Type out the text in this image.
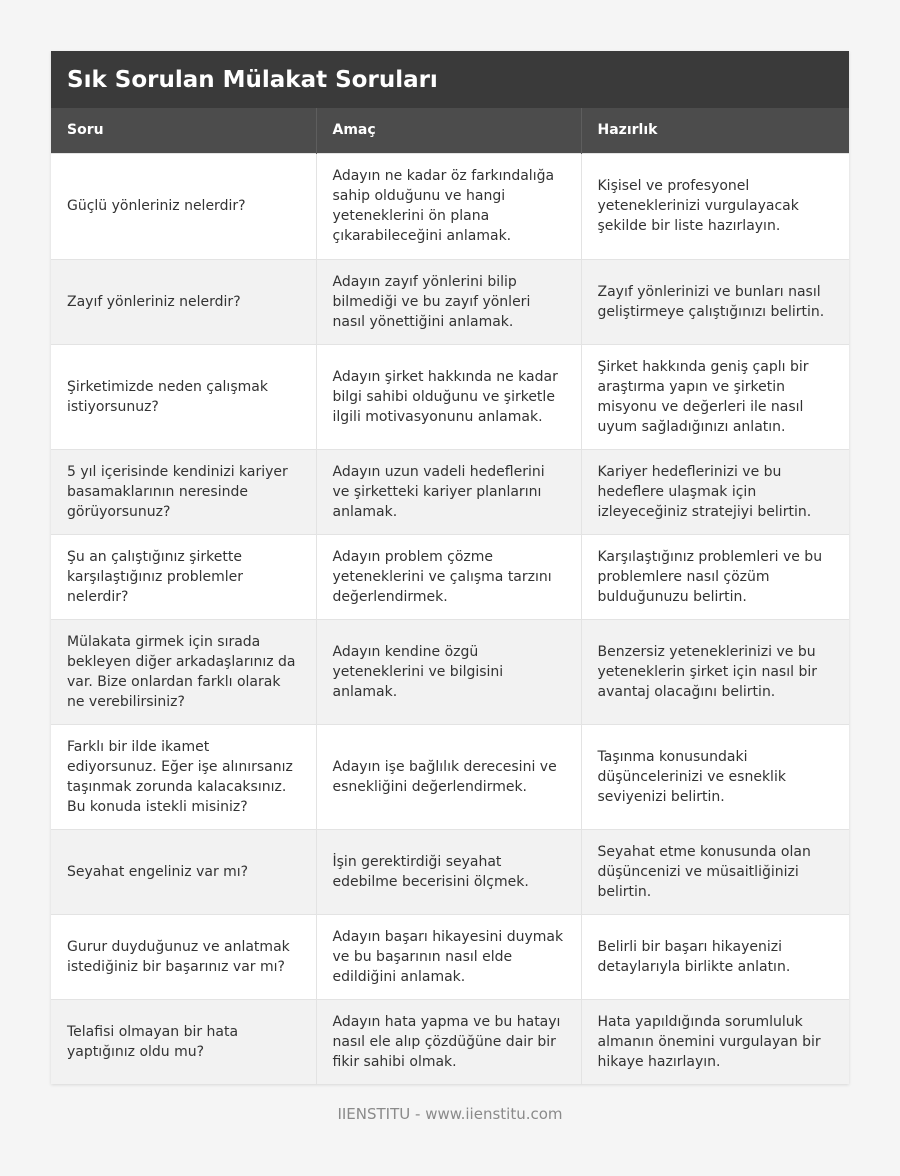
Sık Sorulan Mülakat Soruları
Soru	Amaç	Hazırlık
Güçlü yönleriniz nelerdir?	Adayın ne kadar öz farkındalığa sahip olduğunu ve hangi yeteneklerini ön plana çıkarabileceğini anlamak.	Kişisel ve profesyonel yeteneklerinizi vurgulayacak şekilde bir liste hazırlayın.
Zayıf yönleriniz nelerdir?	Adayın zayıf yönlerini bilip bilmediği ve bu zayıf yönleri nasıl yönettiğini anlamak.	Zayıf yönlerinizi ve bunları nasıl geliştirmeye çalıştığınızı belirtin.
Şirketimizde neden çalışmak istiyorsunuz?	Adayın şirket hakkında ne kadar bilgi sahibi olduğunu ve şirketle ilgili motivasyonunu anlamak.	Şirket hakkında geniş çaplı bir araştırma yapın ve şirketin misyonu ve değerleri ile nasıl uyum sağladığınızı anlatın.
5 yıl içerisinde kendinizi kariyer basamaklarının neresinde görüyorsunuz?	Adayın uzun vadeli hedeflerini ve şirketteki kariyer planlarını anlamak.	Kariyer hedeflerinizi ve bu hedeflere ulaşmak için izleyeceğiniz stratejiyi belirtin.
Şu an çalıştığınız şirkette karşılaştığınız problemler nelerdir?	Adayın problem çözme yeteneklerini ve çalışma tarzını değerlendirmek.	Karşılaştığınız problemleri ve bu problemlere nasıl çözüm bulduğunuzu belirtin.
Mülakata girmek için sırada bekleyen diğer arkadaşlarınız da var. Bize onlardan farklı olarak ne verebilirsiniz?	Adayın kendine özgü yeteneklerini ve bilgisini anlamak.	Benzersiz yeteneklerinizi ve bu yeteneklerin şirket için nasıl bir avantaj olacağını belirtin.
Farklı bir ilde ikamet ediyorsunuz. Eğer işe alınırsanız taşınmak zorunda kalacaksınız. Bu konuda istekli misiniz?	Adayın işe bağlılık derecesini ve esnekliğini değerlendirmek.	Taşınma konusundaki düşüncelerinizi ve esneklik seviyenizi belirtin.
Seyahat engeliniz var mı?	İşin gerektirdiği seyahat edebilme becerisini ölçmek.	Seyahat etme konusunda olan düşüncenizi ve müsaitliğinizi belirtin.
Gurur duyduğunuz ve anlatmak istediğiniz bir başarınız var mı?	Adayın başarı hikayesini duymak ve bu başarının nasıl elde edildiğini anlamak.	Belirli bir başarı hikayenizi detaylarıyla birlikte anlatın.
Telafisi olmayan bir hata yaptığınız oldu mu?	Adayın hata yapma ve bu hatayı nasıl ele alıp çözdüğüne dair bir fikir sahibi olmak.	Hata yapıldığında sorumluluk almanın önemini vurgulayan bir hikaye hazırlayın.
IIENSTITU - www.iienstitu.com
